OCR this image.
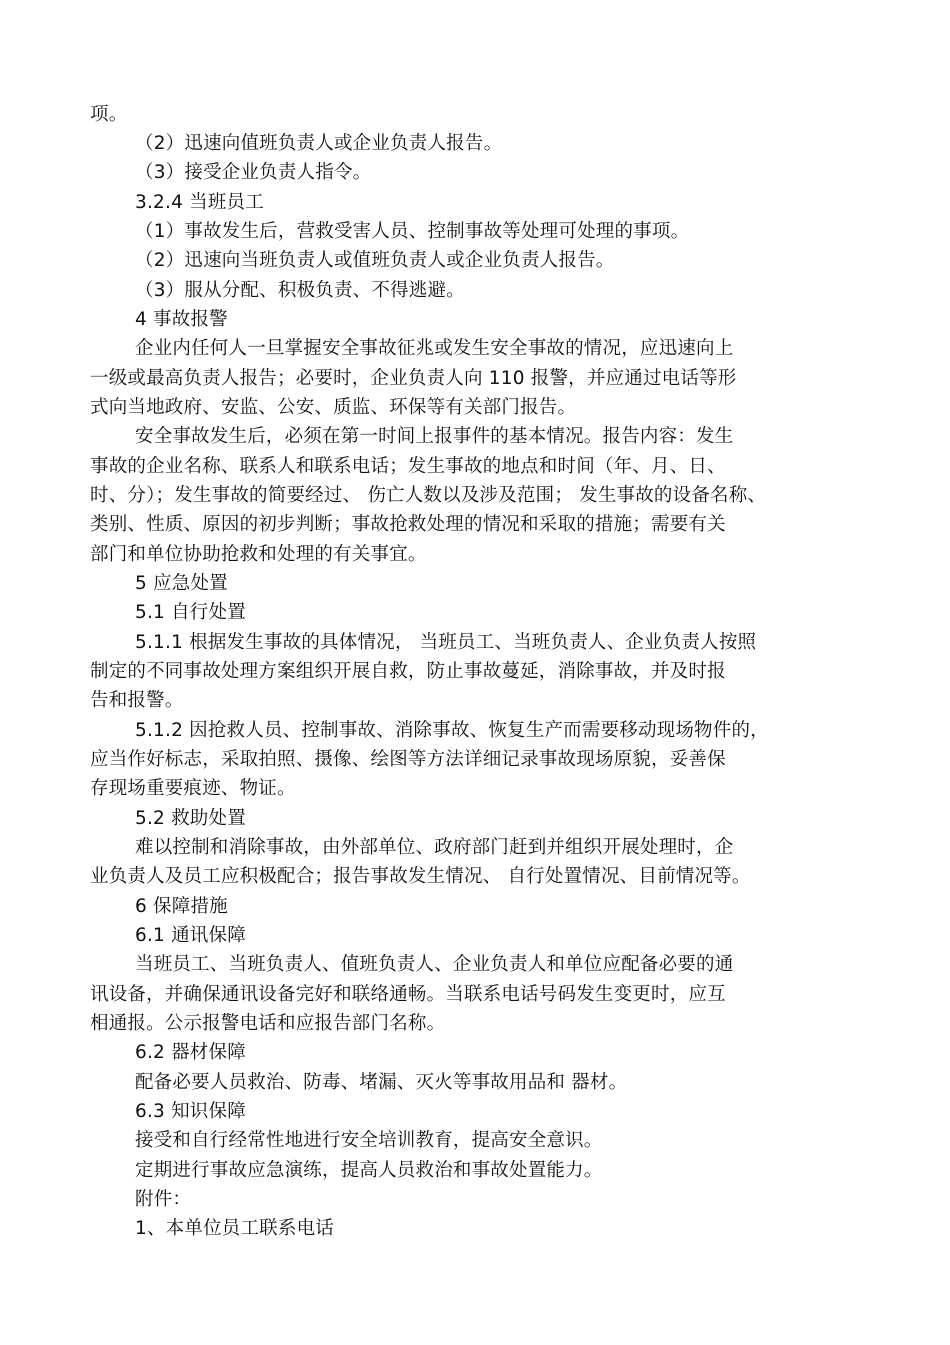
项。
（2）迅速向值班负责人或企业负责人报告。
（3）接受企业负责人指令。
3.2.4 当班员工
（1）事故发生后，营救受害人员、控制事故等处理可处理的事项。
（2）迅速向当班负责人或值班负责人或企业负责人报告。
（3）服从分配、积极负责、不得逃避。
4 事故报警
企业内任何人一旦掌握安全事故征兆或发生安全事故的情况，应迅速向上
一级或最高负责人报告；必要时，企业负责人向 110 报警，并应通过电话等形
式向当地政府、安监、公安、质监、环保等有关部门报告。
安全事故发生后，必须在第一时间上报事件的基本情况。报告内容：发生
事故的企业名称、联系人和联系电话；发生事故的地点和时间（年、月、日、
时、分）；发生事故的简要经过、 伤亡人数以及涉及范围； 发生事故的设备名称、
类别、性质、原因的初步判断；事故抢救处理的情况和采取的措施；需要有关
部门和单位协助抢救和处理的有关事宜。
5 应急处置
5.1 自行处置
5.1.1 根据发生事故的具体情况， 当班员工、当班负责人、企业负责人按照
制定的不同事故处理方案组织开展自救，防止事故蔓延，消除事故，并及时报
告和报警。
5.1.2 因抢救人员、控制事故、消除事故、恢复生产而需要移动现场物件的，
应当作好标志，采取拍照、摄像、绘图等方法详细记录事故现场原貌，妥善保
存现场重要痕迹、物证。
5.2 救助处置
难以控制和消除事故，由外部单位、政府部门赶到并组织开展处理时，企
业负责人及员工应积极配合；报告事故发生情况、 自行处置情况、目前情况等。
6 保障措施
6.1 通讯保障
当班员工、当班负责人、值班负责人、企业负责人和单位应配备必要的通
讯设备，并确保通讯设备完好和联络通畅。当联系电话号码发生变更时，应互
相通报。公示报警电话和应报告部门名称。
6.2 器材保障
配备必要人员救治、防毒、堵漏、灭火等事故用品和 器材。
6.3 知识保障
接受和自行经常性地进行安全培训教育，提高安全意识。
定期进行事故应急演练，提高人员救治和事故处置能力。
附件：
1、本单位员工联系电话
